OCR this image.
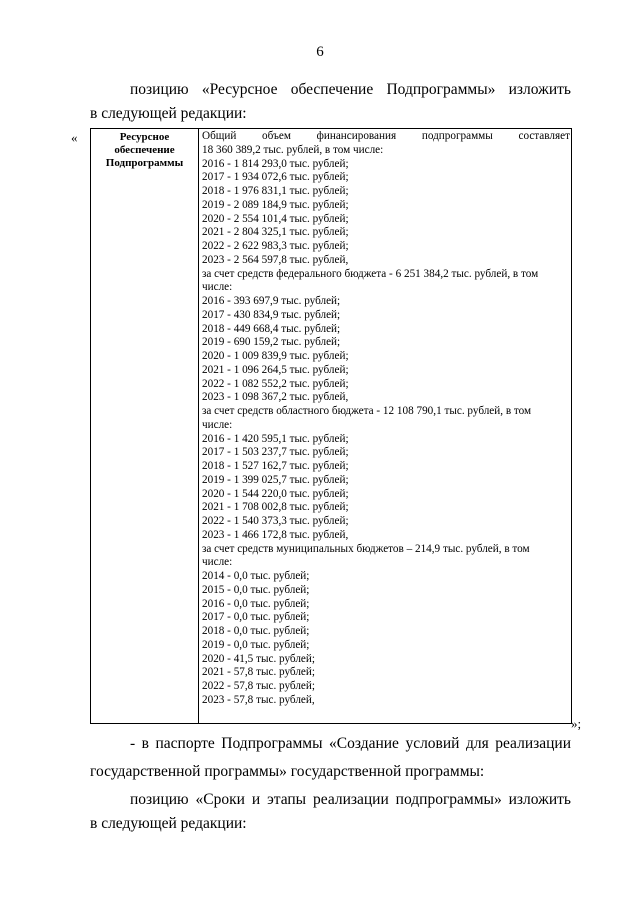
6
позицию «Ресурсное обеспечение Подпрограммы» изложить
в следующей редакции:
«	Ресурсное
обеспечение
Подпрограммы
Общий объем финансирования подпрограммы составляет
18 360 389,2 тыс. рублей, в том числе:
2016 - 1 814 293,0 тыс. рублей;
2017 - 1 934 072,6 тыс. рублей;
2018 - 1 976 831,1 тыс. рублей;
2019 - 2 089 184,9 тыс. рублей;
2020 - 2 554 101,4 тыс. рублей;
2021 - 2 804 325,1 тыс. рублей;
2022 - 2 622 983,3 тыс. рублей;
2023 - 2 564 597,8 тыс. рублей,
за счет средств федерального бюджета - 6 251 384,2 тыс. рублей, в том
числе:
2016 - 393 697,9 тыс. рублей;
2017 - 430 834,9 тыс. рублей;
2018 - 449 668,4 тыс. рублей;
2019 - 690 159,2 тыс. рублей;
2020 - 1 009 839,9 тыс. рублей;
2021 - 1 096 264,5 тыс. рублей;
2022 - 1 082 552,2 тыс. рублей;
2023 - 1 098 367,2 тыс. рублей,
за счет средств областного бюджета - 12 108 790,1 тыс. рублей, в том
числе:
2016 - 1 420 595,1 тыс. рублей;
2017 - 1 503 237,7 тыс. рублей;
2018 - 1 527 162,7 тыс. рублей;
2019 - 1 399 025,7 тыс. рублей;
2020 - 1 544 220,0 тыс. рублей;
2021 - 1 708 002,8 тыс. рублей;
2022 - 1 540 373,3 тыс. рублей;
2023 - 1 466 172,8 тыс. рублей,
за счет средств муниципальных бюджетов – 214,9 тыс. рублей, в том
числе:
2014 - 0,0 тыс. рублей;
2015 - 0,0 тыс. рублей;
2016 - 0,0 тыс. рублей;
2017 - 0,0 тыс. рублей;
2018 - 0,0 тыс. рублей;
2019 - 0,0 тыс. рублей;
2020 - 41,5 тыс. рублей;
2021 - 57,8 тыс. рублей;
2022 - 57,8 тыс. рублей;
2023 - 57,8 тыс. рублей,
»;
- в паспорте Подпрограммы «Создание условий для реализации
государственной программы» государственной программы:
позицию «Сроки и этапы реализации подпрограммы» изложить
в следующей редакции:
